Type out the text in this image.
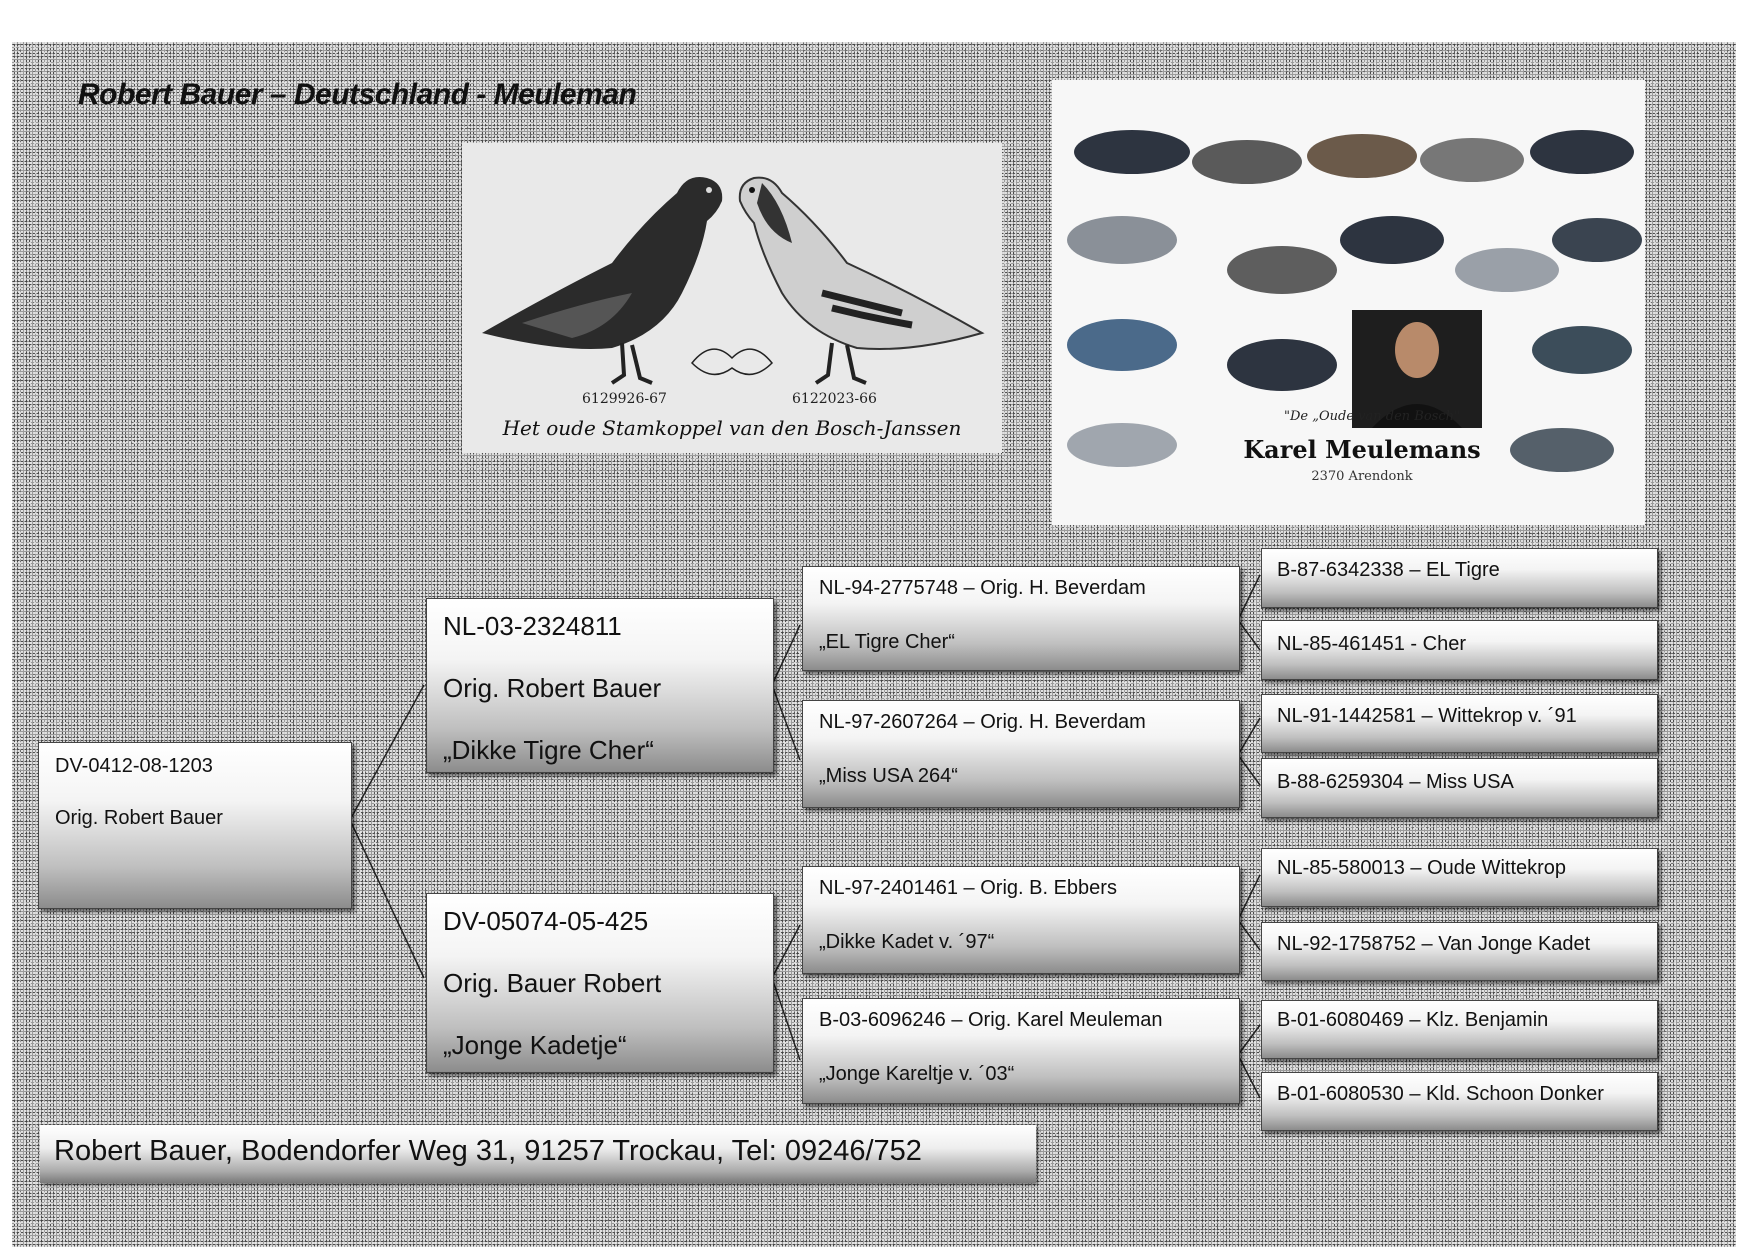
Robert Bauer – Deutschland - Meuleman
6129926-67	6122023-66
Het oude Stamkoppel van den Bosch-Janssen	"De „Oude van den Bosch"
Karel Meulemans
2370 Arendonk
DV-0412-08-1203
Orig. Robert Bauer
NL-03-2324811
Orig. Robert Bauer
„Dikke Tigre Cher“
DV-05074-05-425
Orig. Bauer Robert
„Jonge Kadetje“
NL-94-2775748 – Orig. H. Beverdam
„EL Tigre Cher“
NL-97-2607264 – Orig. H. Beverdam
„Miss USA 264“
NL-97-2401461 – Orig. B. Ebbers
„Dikke Kadet v. ´97“
B-03-6096246 – Orig. Karel Meuleman
„Jonge Kareltje v. ´03“
B-87-6342338 – EL Tigre
NL-85-461451 - Cher
NL-91-1442581 – Wittekrop v. ´91
B-88-6259304 – Miss USA
NL-85-580013 – Oude Wittekrop
NL-92-1758752 – Van Jonge Kadet
B-01-6080469 – Klz. Benjamin
B-01-6080530 – Kld. Schoon Donker
Robert Bauer, Bodendorfer Weg 31, 91257 Trockau, Tel: 09246/752
